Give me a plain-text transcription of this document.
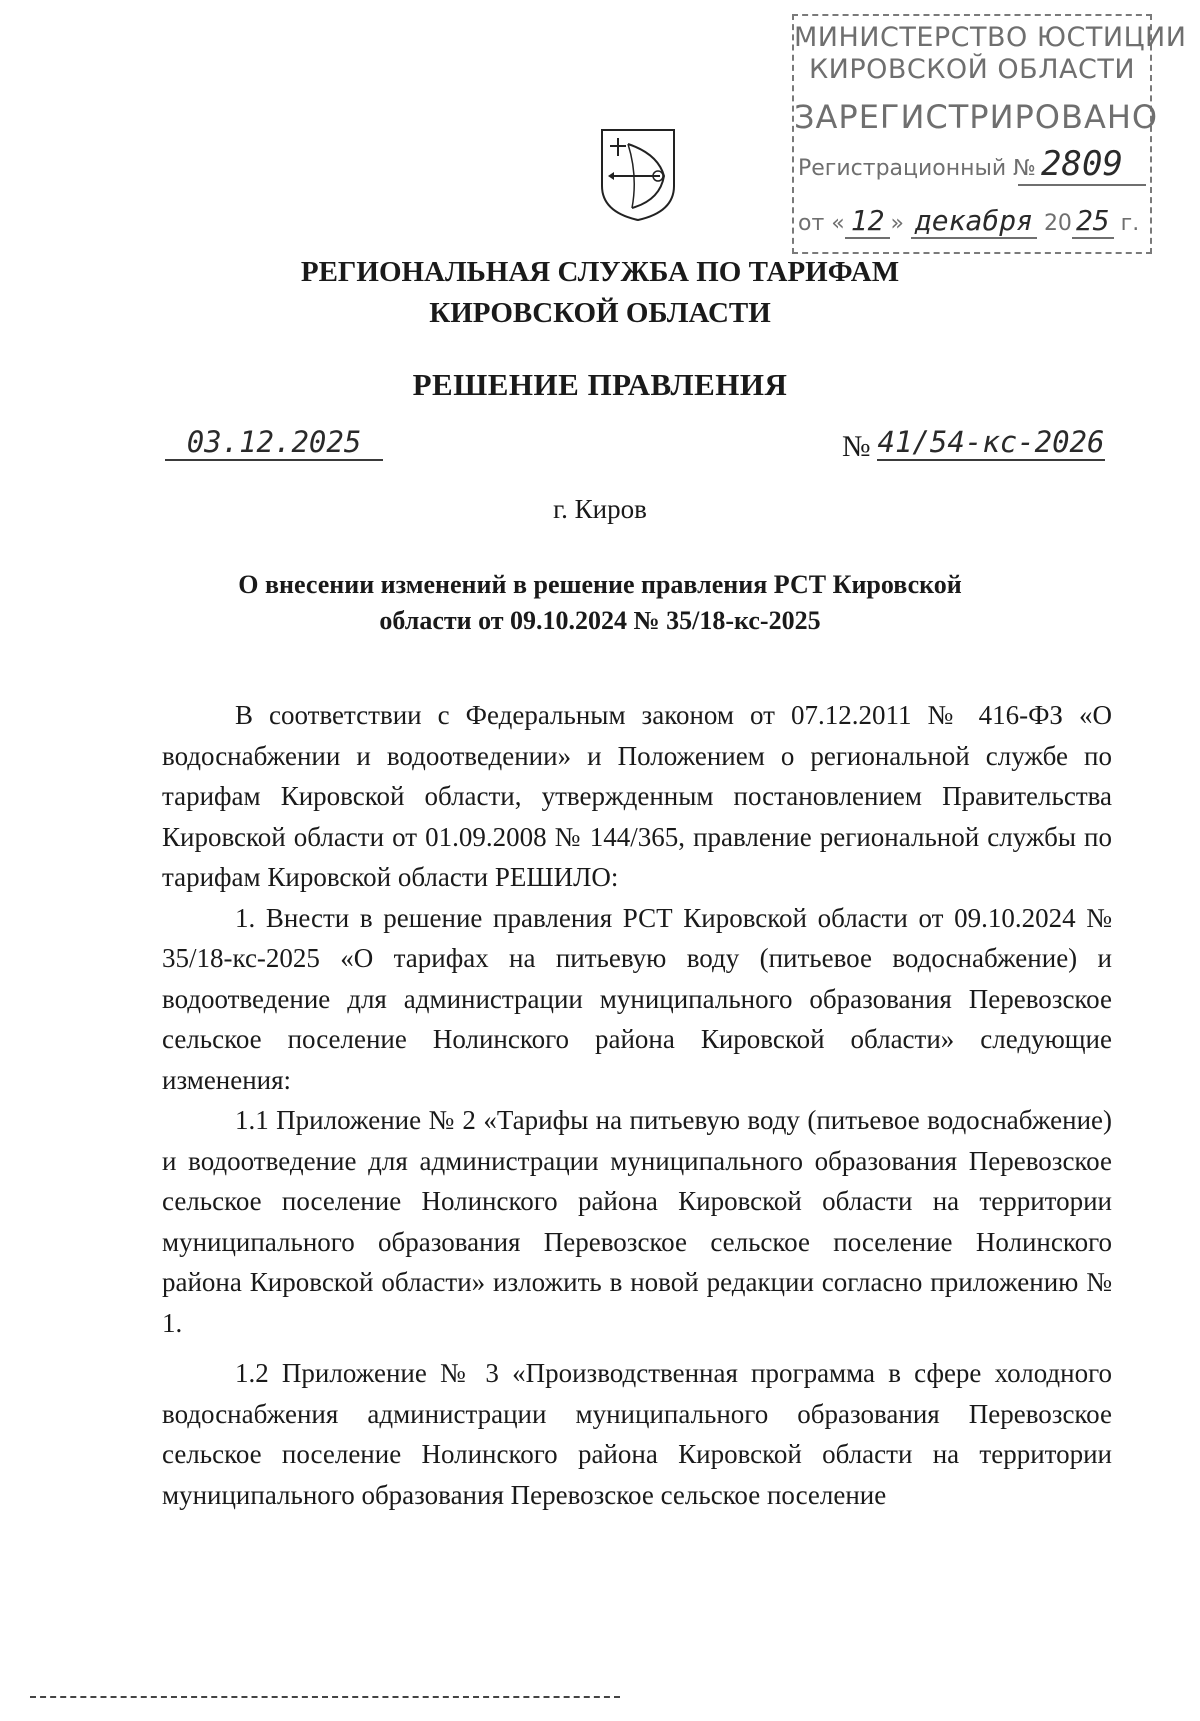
МИНИСТЕРСТВО ЮСТИЦИИ
КИРОВСКОЙ ОБЛАСТИ
ЗАРЕГИСТРИРОВАНО
Регистрационный № 2809
от « 12 » декабря 20 25 г.
РЕГИОНАЛЬНАЯ СЛУЖБА ПО ТАРИФАМ
КИРОВСКОЙ ОБЛАСТИ
РЕШЕНИЕ ПРАВЛЕНИЯ
03.12.2025	№ 41/54-кс-2026
г. Киров
О внесении изменений в решение правления РСТ Кировской
области от 09.10.2024 № 35/18-кс-2025

В соответствии с Федеральным законом от 07.12.2011 № 416-ФЗ «О водоснабжении и водоотведении» и Положением о региональной службе по тарифам Кировской области, утвержденным постановлением Правительства Кировской области от 01.09.2008 № 144/365, правление региональной службы по тарифам Кировской области РЕШИЛО:

1. Внести в решение правления РСТ Кировской области от 09.10.2024 № 35/18-кс-2025 «О тарифах на питьевую воду (питьевое водоснабжение) и водоотведение для администрации муниципального образования Перевозское сельское поселение Нолинского района Кировской области» следующие изменения:

1.1 Приложение № 2 «Тарифы на питьевую воду (питьевое водоснабжение) и водоотведение для администрации муниципального образования Перевозское сельское поселение Нолинского района Кировской области на территории муниципального образования Перевозское сельское поселение Нолинского района Кировской области» изложить в новой редакции согласно приложению № 1.

1.2 Приложение № 3 «Производственная программа в сфере холодного водоснабжения администрации муниципального образования Перевозское сельское поселение Нолинского района Кировской области на территории муниципального образования Перевозское сельское поселение
